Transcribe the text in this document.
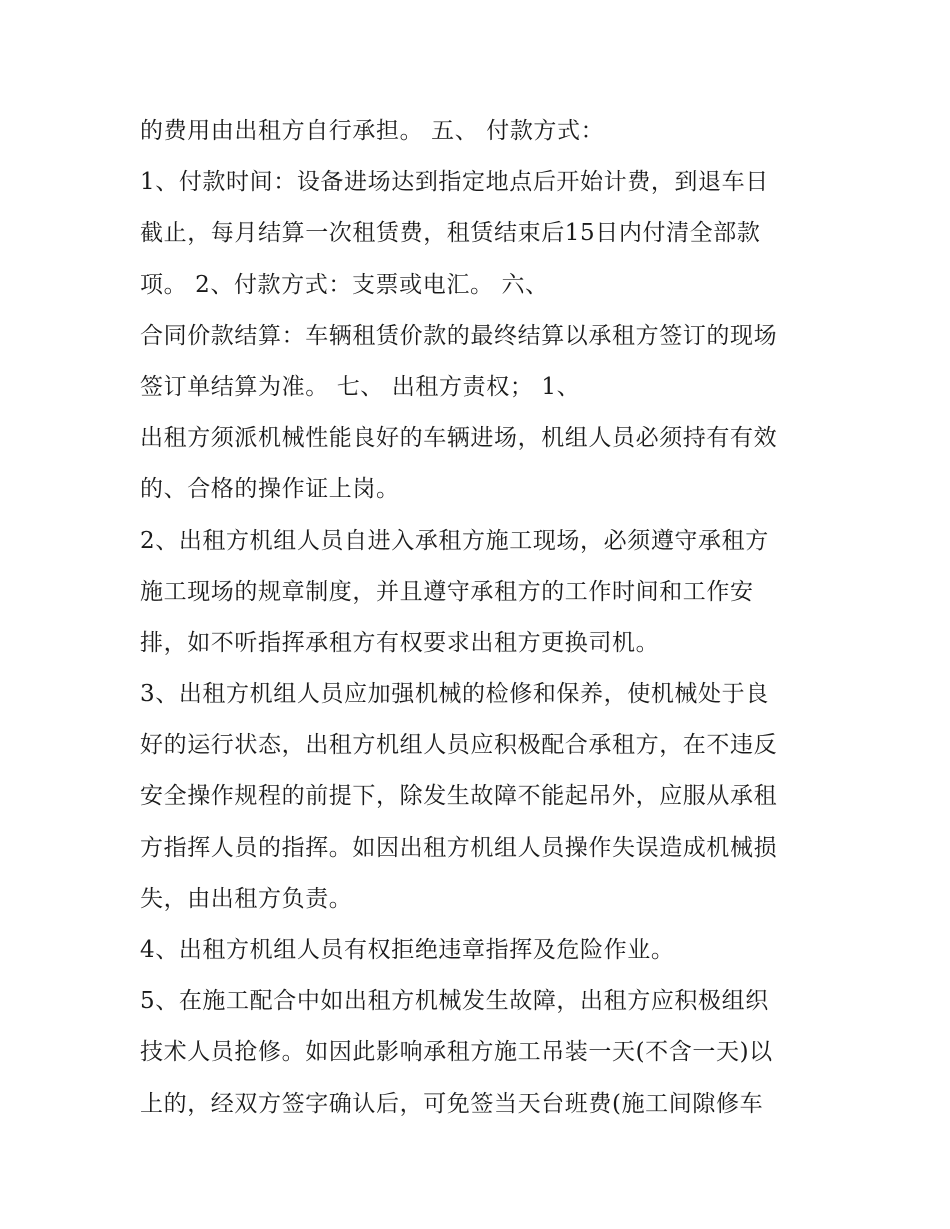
的费用由出租方自行承担。 五、 付款方式：
1、付款时间：设备进场达到指定地点后开始计费，到退车日
截止，每月结算一次租赁费，租赁结束后15日内付清全部款
项。 2、付款方式：支票或电汇。 六、
合同价款结算：车辆租赁价款的最终结算以承租方签订的现场
签订单结算为准。 七、 出租方责权； 1、
出租方须派机械性能良好的车辆进场，机组人员必须持有有效
的、合格的操作证上岗。
2、出租方机组人员自进入承租方施工现场，必须遵守承租方
施工现场的规章制度，并且遵守承租方的工作时间和工作安
排，如不听指挥承租方有权要求出租方更换司机。
3、出租方机组人员应加强机械的检修和保养，使机械处于良
好的运行状态，出租方机组人员应积极配合承租方，在不违反
安全操作规程的前提下，除发生故障不能起吊外，应服从承租
方指挥人员的指挥。如因出租方机组人员操作失误造成机械损
失，由出租方负责。
4、出租方机组人员有权拒绝违章指挥及危险作业。
5、在施工配合中如出租方机械发生故障，出租方应积极组织
技术人员抢修。如因此影响承租方施工吊装一天(不含一天)以
上的，经双方签字确认后，可免签当天台班费(施工间隙修车
